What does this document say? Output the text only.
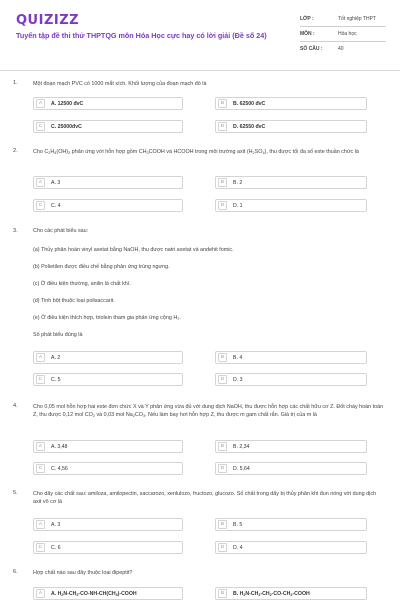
QUIZIZZ
Tuyển tập đề thi thử THPTQG môn Hóa Học cực hay có lời giải (Đề số 24)
LỚP :	Tốt nghiệp THPT
MÔN :	Hóa học
SỐ CÂU :	40
1.	Một đoạn mạch PVC có 1000 mắt xích. Khối lượng của đoạn mạch đó là
A	A. 12500 đvC	B	B. 62500 đvC
C	C. 25000đvC	D	D. 62550 đvC
2.	Cho $C_2H_4(OH)_2$ phản ứng với hỗn hợp gồm $CH_3COOH$ và HCOOH trong môi trường axit $(H_2SO_4)$, thu được tối đa số este thuần chức là
A	A. 3	B	B. 2
C	C. 4	D	D. 1
3.	Cho các phát biểu sau:
(a) Thủy phân hoàn vinyl axetat bằng NaOH, thu được natri axetat và andehit fomic.
(b) Polietilen được điều chế bằng phản ứng trùng ngưng.
(c) Ở điều kiện thường, anilin là chất khí.
(d) Tinh bột thuộc loại polisaccarit.
(e) Ở điều kiện thích hợp, triolein tham gia phản ứng cộng H₂.
Số phát biểu đúng là
A	A. 2	B	B. 4
C	C. 5	D	D. 3
4.	Cho 0,05 mol hỗn hợp hai este đơn chức X và Y phản ứng vừa đủ với dung dịch NaOH, thu được hỗn hợp các chất hữu cơ Z. Đốt cháy hoàn toàn Z, thu được 0,12 mol $CO_2$ và 0,03 mol $Na_2CO_3$. Nếu làm bay hơi hỗn hợp Z, thu được m gam chất rắn. Giá trị của m là
A	A. 3,48	B	B. 2,34
C	C. 4,56	D	D. 5,64
5.	Cho dãy các chất sau: amiloza, amilopectin, saccarozo, xenlulozo, fructozo, glucozo. Số chất trong dãy bị thủy phân khi đun nóng với dung dịch axit vô cơ là
A	A. 3	B	B. 5
C	C. 6	D	D. 4
6.	Hợp chất nào sau đây thuộc loại đipeptit?
A	A. $H_2N-CH_2-CO-NH-CH(CH_3)$-COOH	B	B. $H_2N-CH_2-CH_2-CO-CH_2$-COOH
